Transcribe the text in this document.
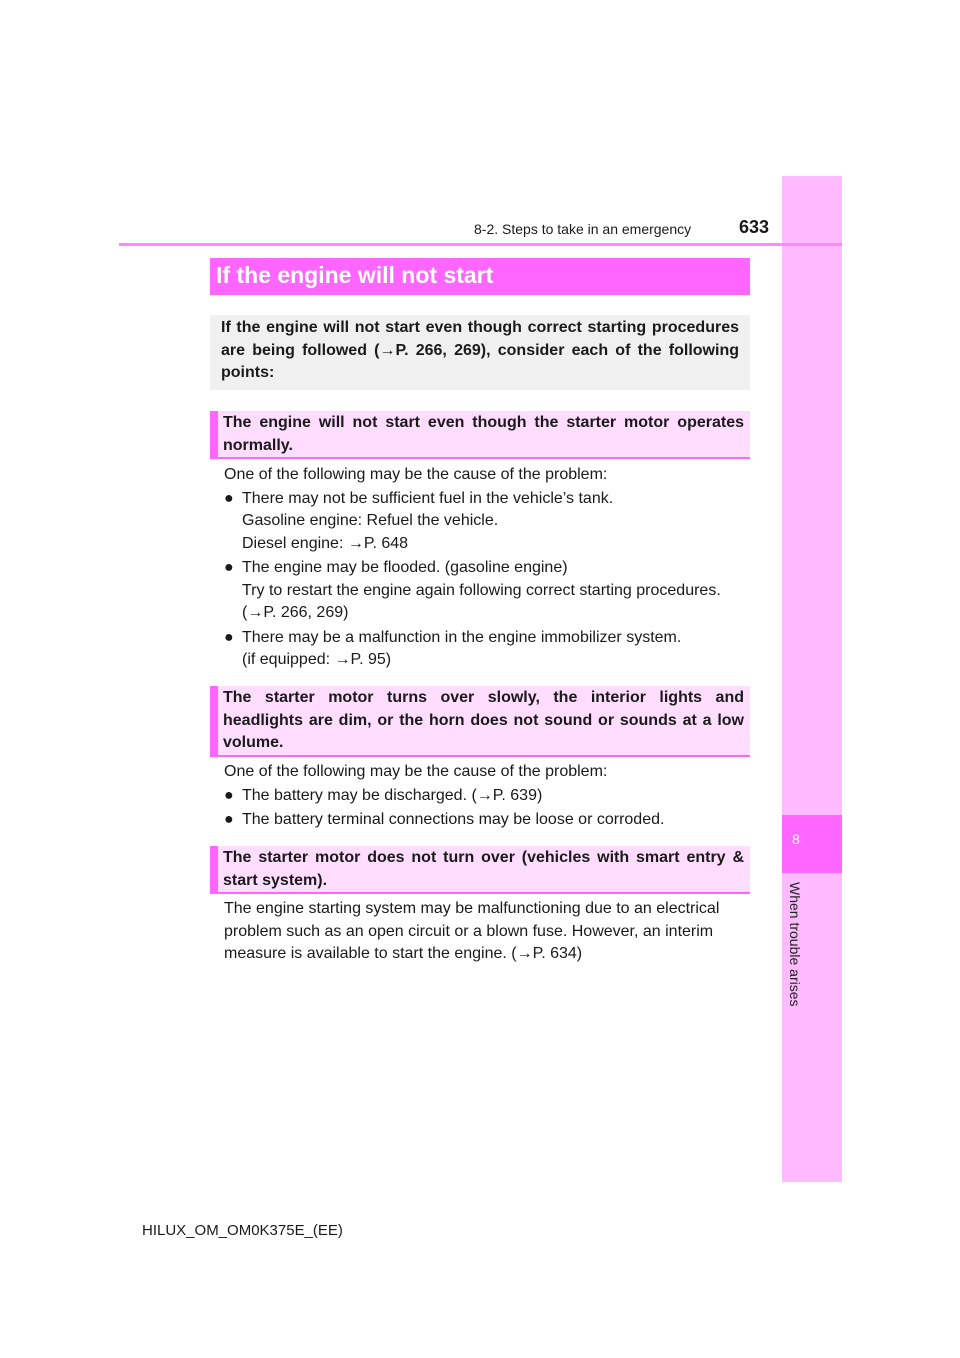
8
When trouble arises
8-2. Steps to take in an emergency	633
If the engine will not start
If the engine will not start even though correct starting procedures are being followed (→P. 266, 269), consider each of the following points:
The engine will not start even though the starter motor operates normally.
One of the following may be the cause of the problem:
● There may not be sufficient fuel in the vehicle’s tank.
Gasoline engine: Refuel the vehicle.
Diesel engine: →P. 648
● The engine may be flooded. (gasoline engine)
Try to restart the engine again following correct starting procedures.
(→P. 266, 269)
● There may be a malfunction in the engine immobilizer system.
(if equipped: →P. 95)
The starter motor turns over slowly, the interior lights and headlights are dim, or the horn does not sound or sounds at a low volume.
One of the following may be the cause of the problem:
● The battery may be discharged. (→P. 639)
● The battery terminal connections may be loose or corroded.
The starter motor does not turn over (vehicles with smart entry & start system).
The engine starting system may be malfunctioning due to an electrical problem such as an open circuit or a blown fuse. However, an interim measure is available to start the engine. (→P. 634)
HILUX_OM_OM0K375E_(EE)
